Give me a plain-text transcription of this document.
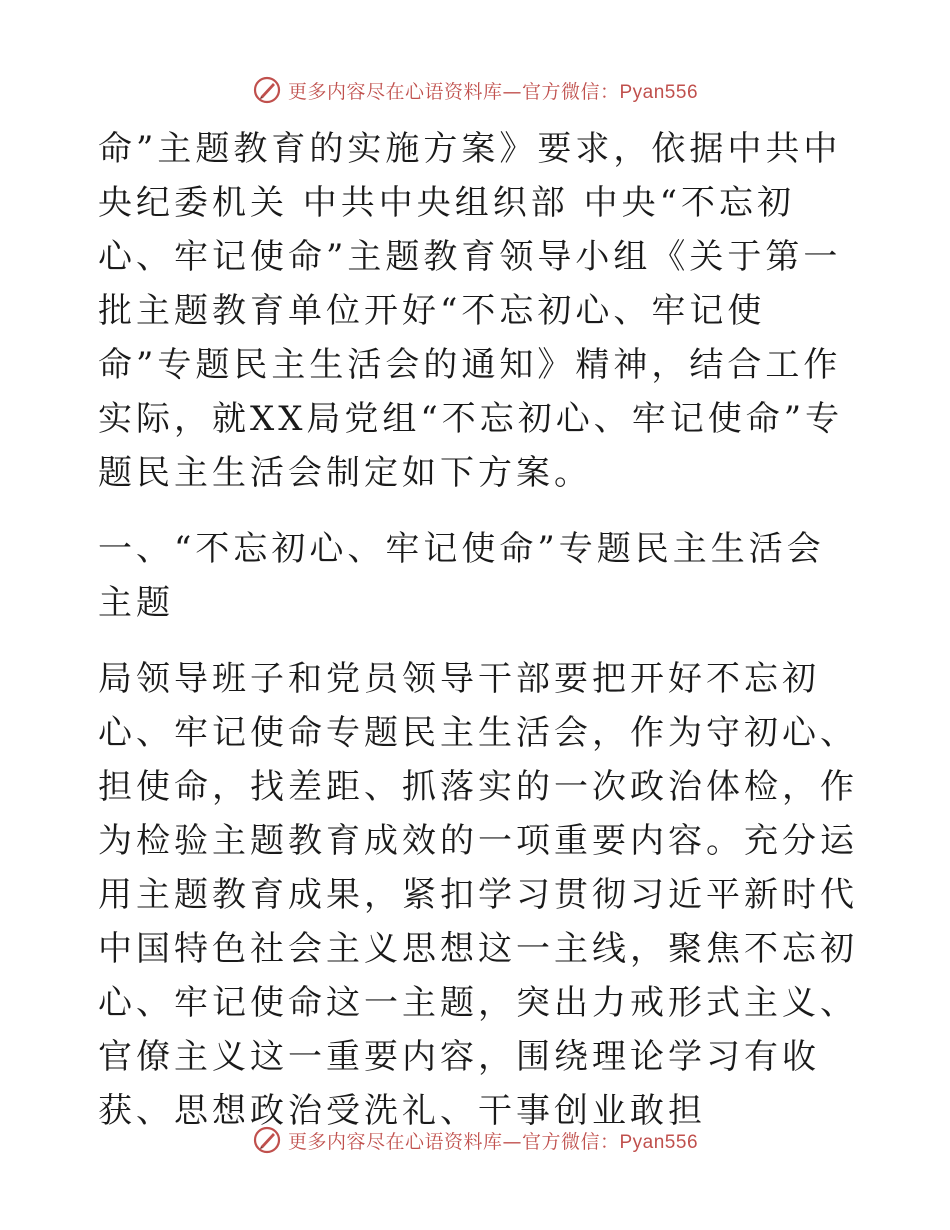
更多内容尽在心语资料库—官方微信：Pyan556

命”主题教育的实施方案》要求，依据中共中央纪委机关 中共中央组织部 中央“不忘初心、牢记使命”主题教育领导小组《关于第一批主题教育单位开好“不忘初心、牢记使命”专题民主生活会的通知》精神，结合工作实际，就XX局党组“不忘初心、牢记使命”专题民主生活会制定如下方案。

一、“不忘初心、牢记使命”专题民主生活会主题

局领导班子和党员领导干部要把开好不忘初心、牢记使命专题民主生活会，作为守初心、担使命，找差距、抓落实的一次政治体检，作为检验主题教育成效的一项重要内容。充分运用主题教育成果，紧扣学习贯彻习近平新时代中国特色社会主义思想这一主线，聚焦不忘初心、牢记使命这一主题，突出力戒形式主义、官僚主义这一重要内容，围绕理论学习有收获、思想政治受洗礼、干事创业敢担

更多内容尽在心语资料库—官方微信：Pyan556
